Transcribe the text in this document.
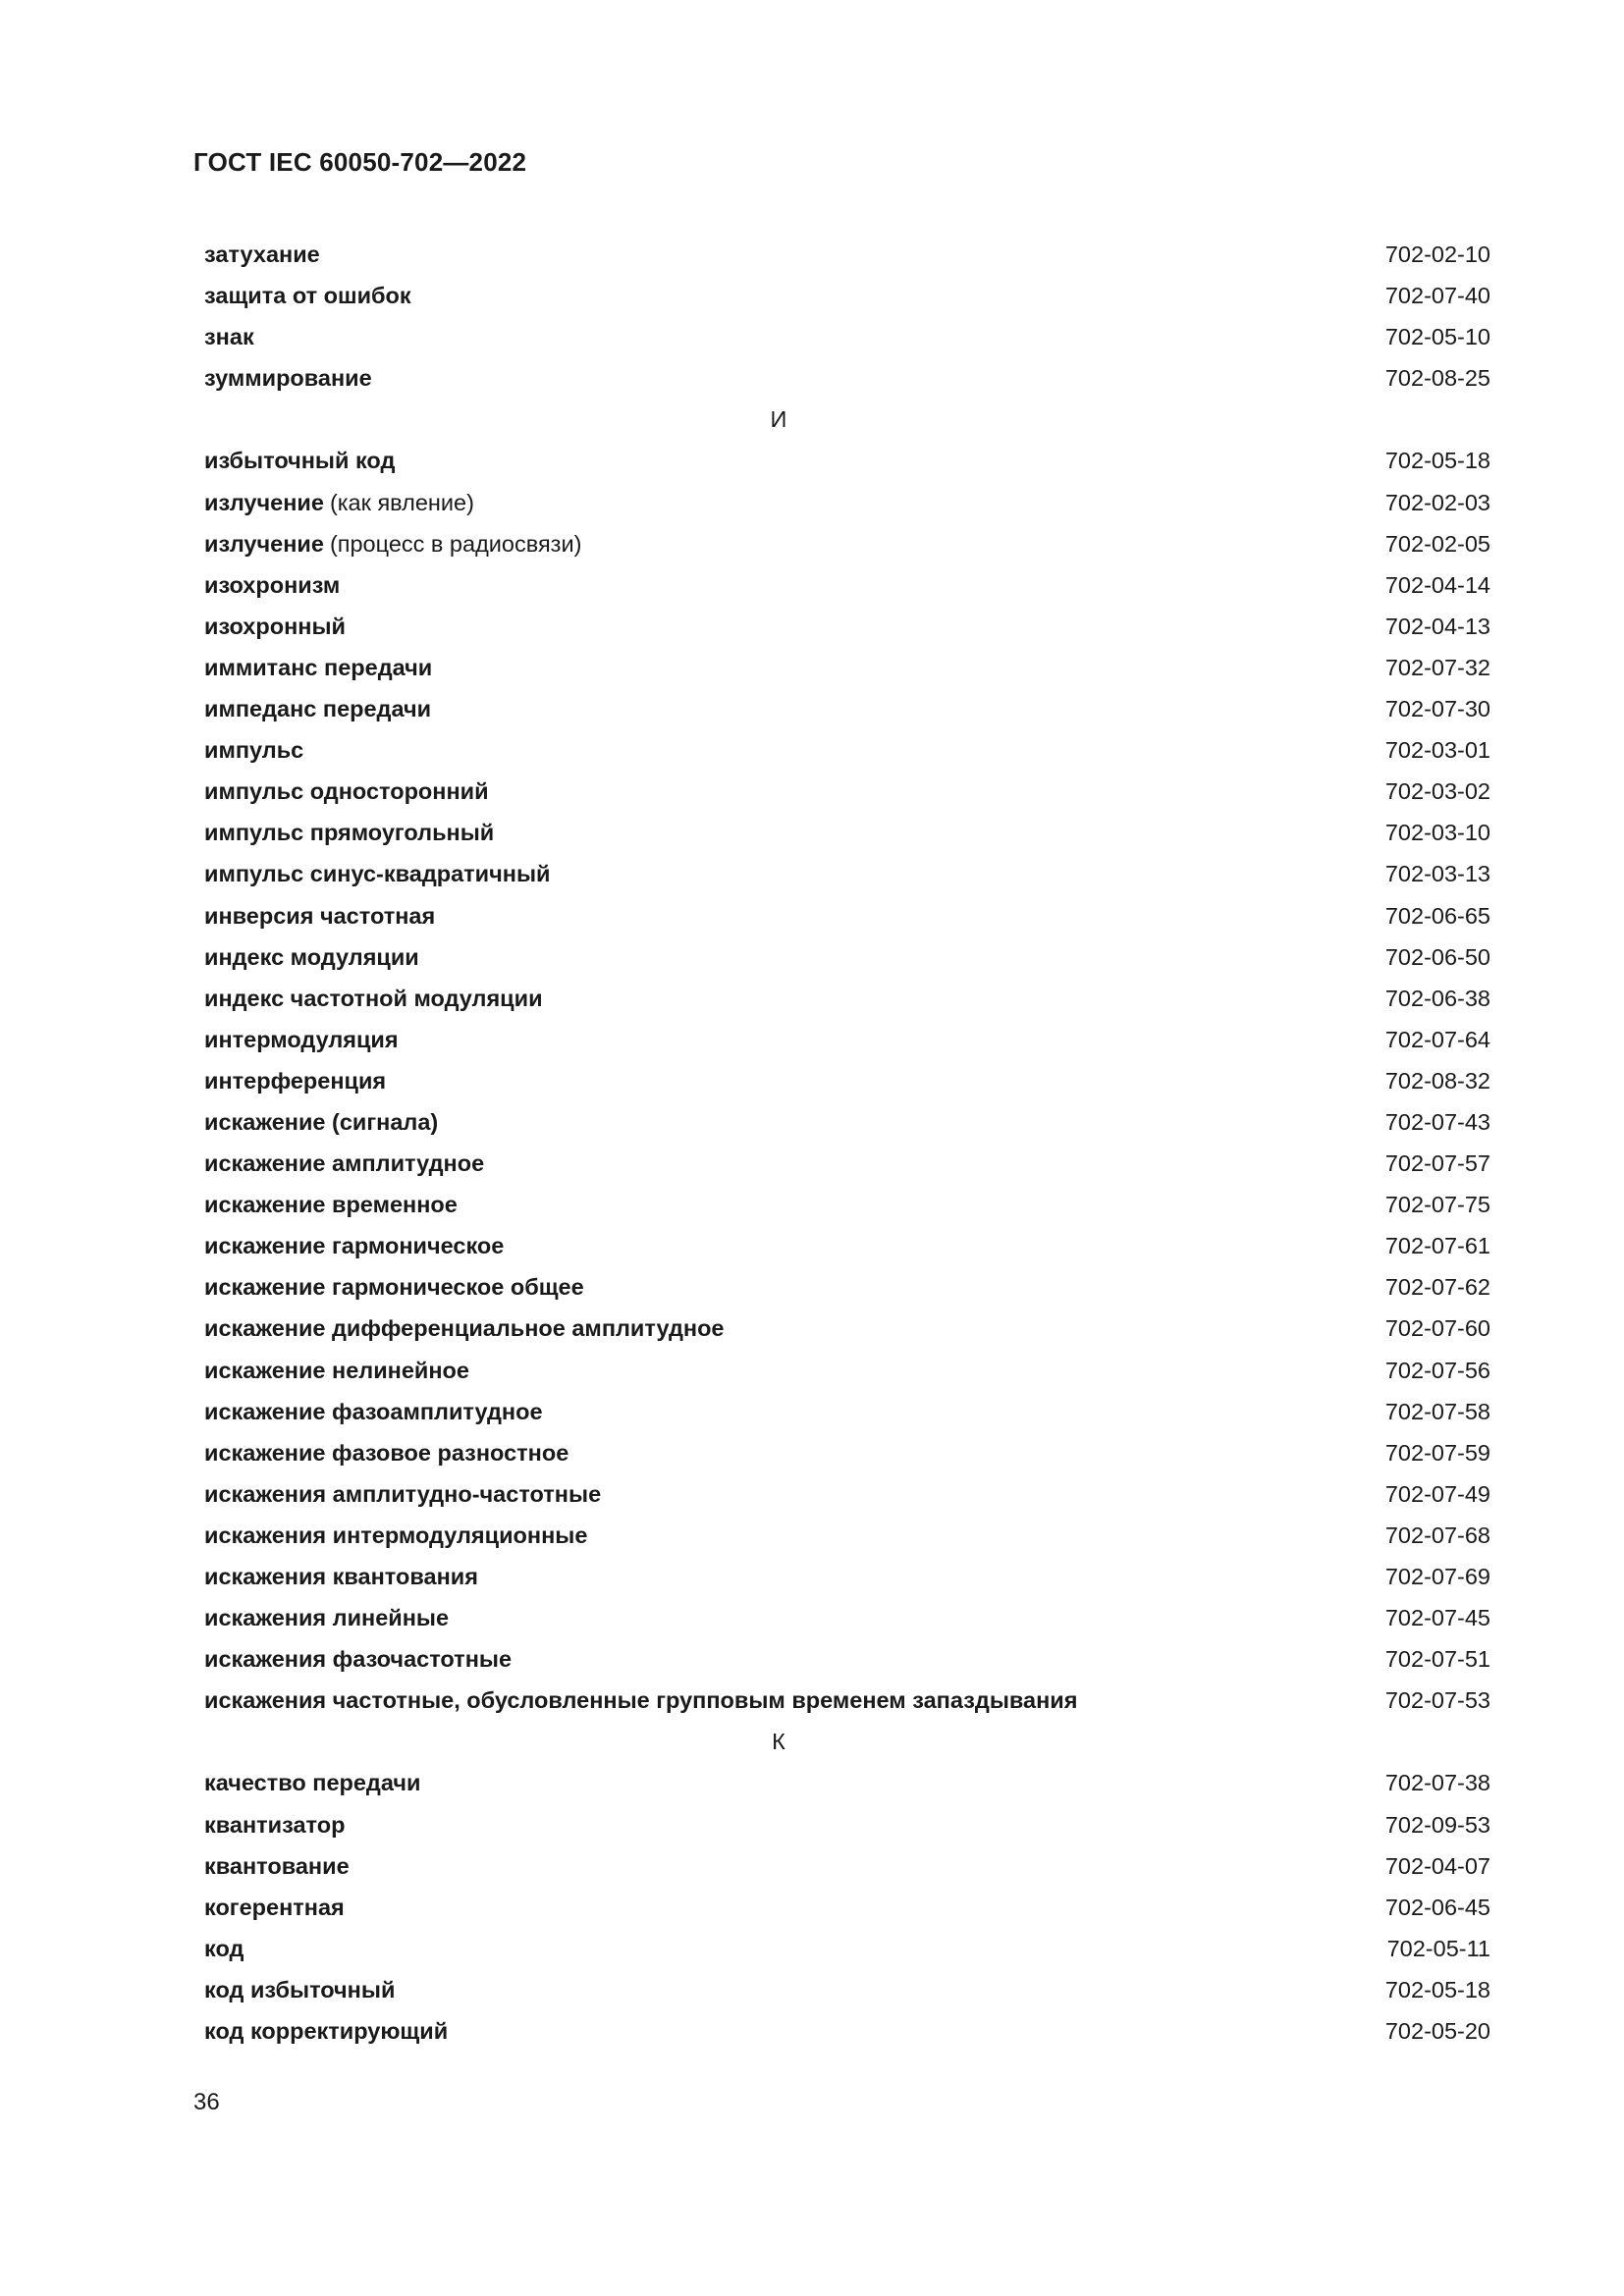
ГОСТ IEC 60050-702—2022
затухание	702-02-10
защита от ошибок	702-07-40
знак	702-05-10
зуммирование	702-08-25
И
избыточный код	702-05-18
излучение (как явление)	702-02-03
излучение (процесс в радиосвязи)	702-02-05
изохронизм	702-04-14
изохронный	702-04-13
иммитанс передачи	702-07-32
импеданс передачи	702-07-30
импульс	702-03-01
импульс односторонний	702-03-02
импульс прямоугольный	702-03-10
импульс синус-квадратичный	702-03-13
инверсия частотная	702-06-65
индекс модуляции	702-06-50
индекс частотной модуляции	702-06-38
интермодуляция	702-07-64
интерференция	702-08-32
искажение (сигнала)	702-07-43
искажение амплитудное	702-07-57
искажение временное	702-07-75
искажение гармоническое	702-07-61
искажение гармоническое общее	702-07-62
искажение дифференциальное амплитудное	702-07-60
искажение нелинейное	702-07-56
искажение фазоамплитудное	702-07-58
искажение фазовое разностное	702-07-59
искажения амплитудно-частотные	702-07-49
искажения интермодуляционные	702-07-68
искажения квантования	702-07-69
искажения линейные	702-07-45
искажения фазочастотные	702-07-51
искажения частотные, обусловленные групповым временем запаздывания	702-07-53
К
качество передачи	702-07-38
квантизатор	702-09-53
квантование	702-04-07
когерентная	702-06-45
код	702-05-11
код избыточный	702-05-18
код корректирующий	702-05-20
36
